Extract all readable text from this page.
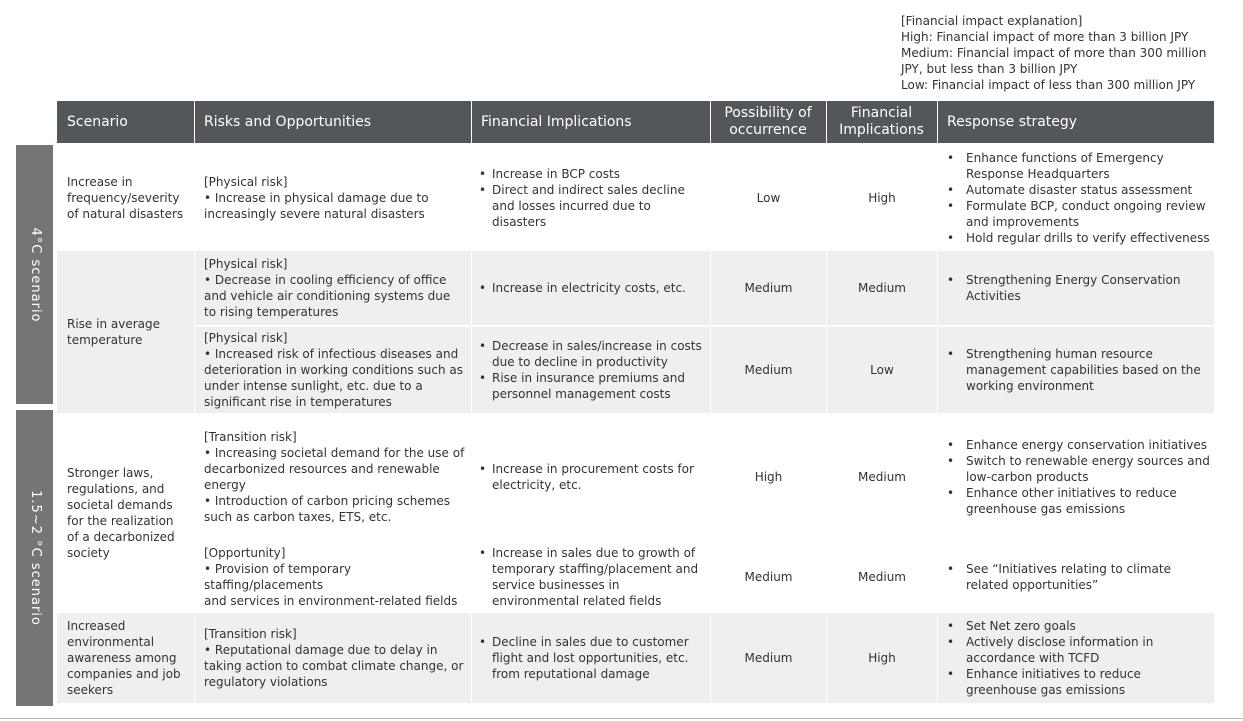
[Financial impact explanation]
High: Financial impact of more than 3 billion JPY
Medium: Financial impact of more than 300 million
JPY, but less than 3 billion JPY
Low: Financial impact of less than 300 million JPY
Scenario	Risks and Opportunities	Financial Implications
Possibility of
occurrence
Financial
Implications
Response strategy
4°C scenario
1.5~2 °C scenario
Increase in frequency/severity of natural disasters
Rise in average temperature
Stronger laws, regulations, and societal demands for the realization of a decarbonized society
Increased environmental awareness among companies and job seekers
[Physical risk]
• Increase in physical damage due to increasingly severe natural disasters
[Physical risk]
• Decrease in cooling efficiency of office and vehicle air conditioning systems due to rising temperatures
[Physical risk]
• Increased risk of infectious diseases and deterioration in working conditions such as under intense sunlight, etc. due to a significant rise in temperatures
[Transition risk]
• Increasing societal demand for the use of decarbonized resources and renewable energy
• Introduction of carbon pricing schemes such as carbon taxes, ETS, etc.
[Opportunity]
• Provision of temporary staffing/placements
and services in environment-related fields
[Transition risk]
• Reputational damage due to delay in taking action to combat climate change, or regulatory violations
• Increase in BCP costs
• Direct and indirect sales decline and losses incurred due to disasters
• Increase in electricity costs, etc.
• Decrease in sales/increase in costs due to decline in productivity
• Rise in insurance premiums and personnel management costs
• Increase in procurement costs for electricity, etc.
• Increase in sales due to growth of temporary staffing/placement and service businesses in environmental related fields
• Decline in sales due to customer flight and lost opportunities, etc. from reputational damage
Low
Medium
Medium
High
Medium
Medium
High
Medium
Low
Medium
Medium
High
• Enhance functions of Emergency Response Headquarters
• Automate disaster status assessment
• Formulate BCP, conduct ongoing review and improvements
• Hold regular drills to verify effectiveness
• Strengthening Energy Conservation Activities
• Strengthening human resource management capabilities based on the working environment
• Enhance energy conservation initiatives
• Switch to renewable energy sources and low-carbon products
• Enhance other initiatives to reduce greenhouse gas emissions
• See “Initiatives relating to climate related opportunities”
• Set Net zero goals
• Actively disclose information in accordance with TCFD
• Enhance initiatives to reduce greenhouse gas emissions
